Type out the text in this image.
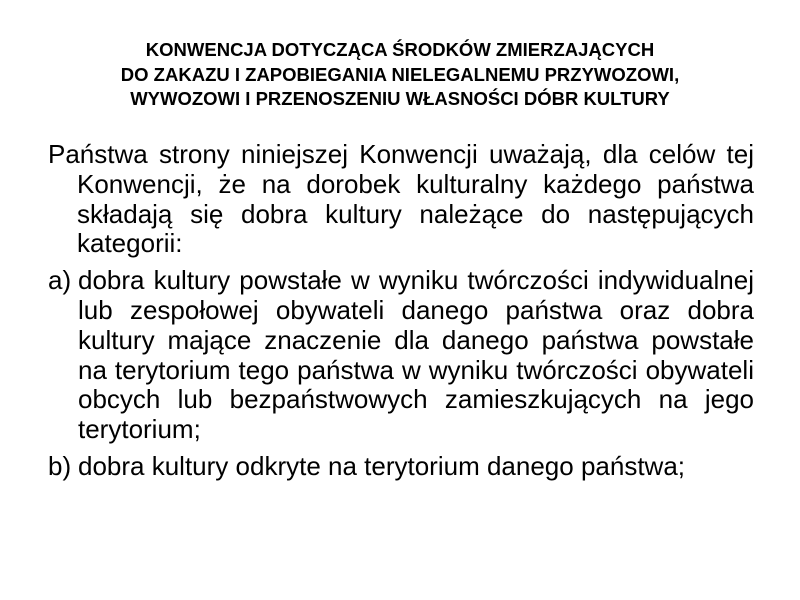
KONWENCJA DOTYCZĄCA ŚRODKÓW ZMIERZAJĄCYCH
DO ZAKAZU I ZAPOBIEGANIA NIELEGALNEMU PRZYWOZOWI,
WYWOZOWI I PRZENOSZENIU WŁASNOŚCI DÓBR KULTURY

Państwa strony niniejszej Konwencji uważają, dla celów tej Konwencji, że na dorobek kulturalny każdego państwa składają się dobra kultury należące do następujących kategorii:

a) dobra kultury powstałe w wyniku twórczości indywidualnej lub zespołowej obywateli danego państwa oraz dobra kultury mające znaczenie dla danego państwa powstałe na terytorium tego państwa w wyniku twórczości obywateli obcych lub bezpaństwowych zamieszkujących na jego terytorium;
b) dobra kultury odkryte na terytorium danego państwa;
